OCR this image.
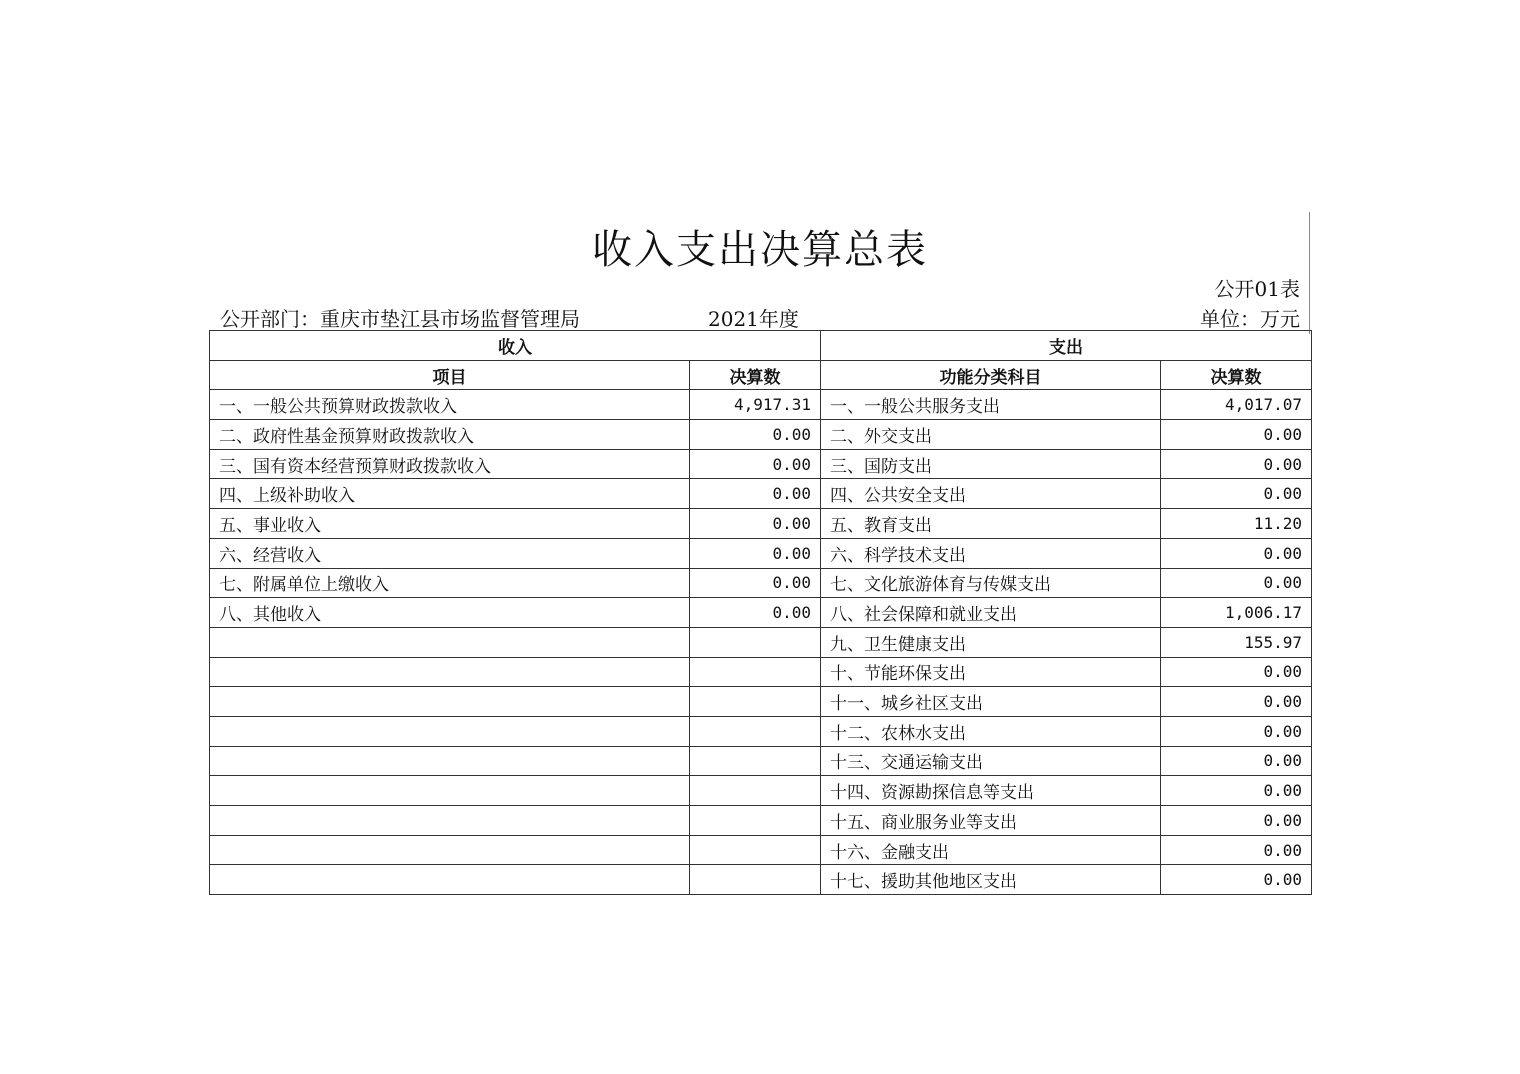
收入支出决算总表
公开01表
公开部门：重庆市垫江县市场监督管理局	2021年度	单位：万元
收入		支出	
项目	决算数	功能分类科目	决算数
一、一般公共预算财政拨款收入	4,917.31	一、一般公共服务支出	4,017.07
二、政府性基金预算财政拨款收入	0.00	二、外交支出	0.00
三、国有资本经营预算财政拨款收入	0.00	三、国防支出	0.00
四、上级补助收入	0.00	四、公共安全支出	0.00
五、事业收入	0.00	五、教育支出	11.20
六、经营收入	0.00	六、科学技术支出	0.00
七、附属单位上缴收入	0.00	七、文化旅游体育与传媒支出	0.00
八、其他收入	0.00	八、社会保障和就业支出	1,006.17
		九、卫生健康支出	155.97
		十、节能环保支出	0.00
		十一、城乡社区支出	0.00
		十二、农林水支出	0.00
		十三、交通运输支出	0.00
		十四、资源勘探信息等支出	0.00
		十五、商业服务业等支出	0.00
		十六、金融支出	0.00
		十七、援助其他地区支出	0.00
